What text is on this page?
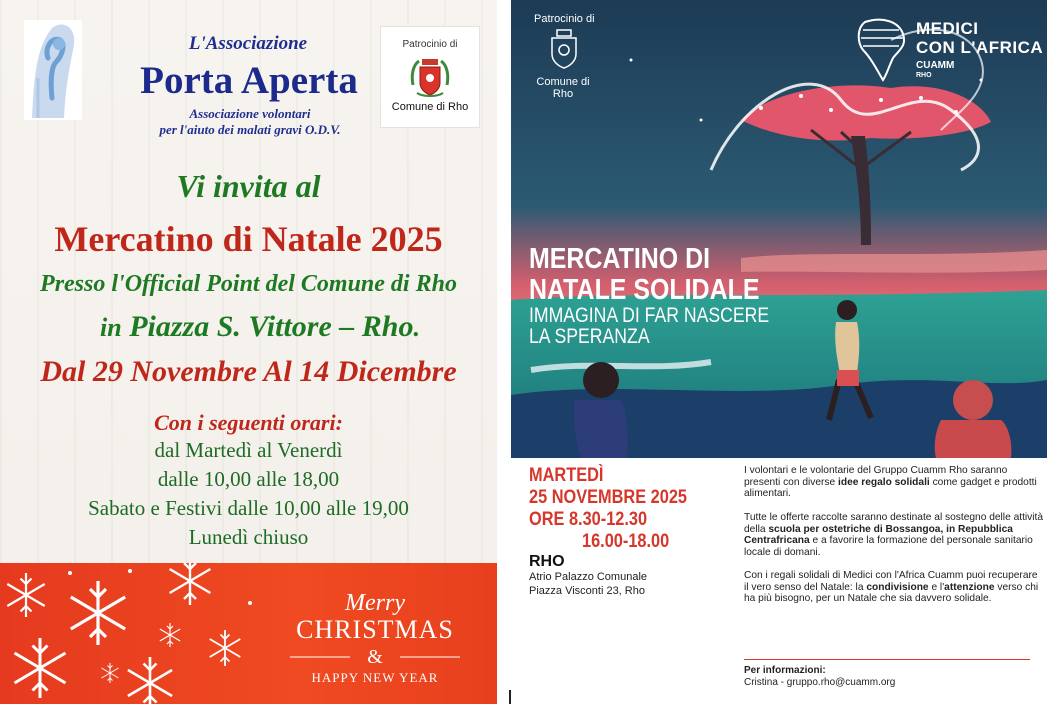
L'Associazione
Porta Aperta
Associazione volontari
per l'aiuto dei malati gravi O.D.V.
Patrocinio di
Comune di Rho
Vi invita al
Mercatino di Natale 2025
Presso l'Official Point del Comune di Rho
in Piazza S. Vittore – Rho.
Dal 29 Novembre Al 14 Dicembre
Con i seguenti orari:
dal Martedì al Venerdì
dalle 10,00 alle 18,00
Sabato e Festivi dalle 10,00 alle 19,00
Lunedì chiuso
Merry
CHRISTMAS
&
HAPPY NEW YEAR
Patrocinio di
Comune di Rho
MEDICI
CON L'AFRICA
CUAMM
RHO
MERCATINO DI
NATALE SOLIDALE
IMMAGINA DI FAR NASCERE
LA SPERANZA
MARTEDÌ
25 NOVEMBRE 2025
ORE 8.30-12.30
16.00-18.00
RHO
Atrio Palazzo Comunale
Piazza Visconti 23, Rho
I volontari e le volontarie del Gruppo Cuamm Rho saranno presenti con diverse idee regalo solidali come gadget e prodotti alimentari.
Tutte le offerte raccolte saranno destinate al sostegno delle attività della scuola per ostetriche di Bossangoa, in Repubblica Centrafricana e a favorire la formazione del personale sanitario locale di domani.
Con i regali solidali di Medici con l'Africa Cuamm puoi recuperare il vero senso del Natale: la condivisione e l'attenzione verso chi ha più bisogno, per un Natale che sia davvero solidale.
Per informazioni:
Cristina - gruppo.rho@cuamm.org
